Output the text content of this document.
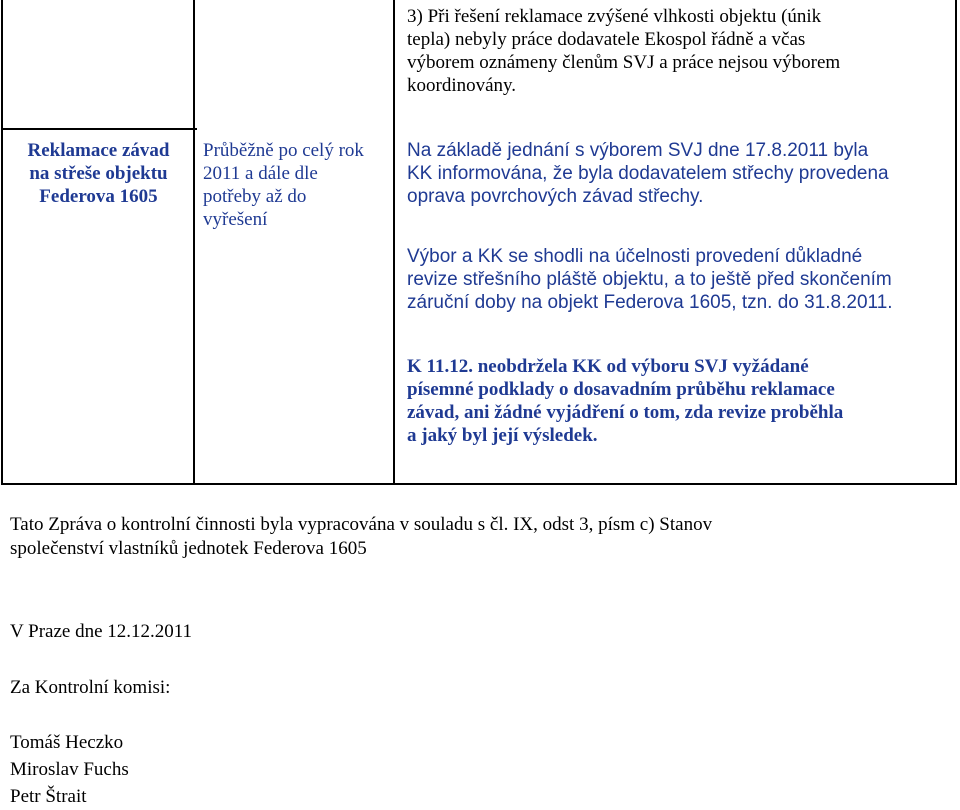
Reklamace závad
na střeše objektu
Federova 1605
Průběžně po celý rok
2011 a dále dle
potřeby až do
vyřešení
3) Při řešení reklamace zvýšené vlhkosti objektu (únik
tepla) nebyly práce dodavatele Ekospol řádně a včas
výborem oznámeny členům SVJ a práce nejsou výborem
koordinovány.
Na základě jednání s výborem SVJ dne 17.8.2011 byla
KK informována, že byla dodavatelem střechy provedena
oprava povrchových závad střechy.
Výbor a KK se shodli na účelnosti provedení důkladné
revize střešního pláště objektu, a to ještě před skončením
záruční doby na objekt Federova 1605, tzn. do 31.8.2011.
K 11.12. neobdržela KK od výboru SVJ vyžádané
písemné podklady o dosavadním průběhu reklamace
závad, ani žádné vyjádření o tom, zda revize proběhla
a jaký byl její výsledek.
Tato Zpráva o kontrolní činnosti byla vypracována v souladu s čl. IX, odst 3, písm c) Stanov
společenství vlastníků jednotek Federova 1605
V Praze dne 12.12.2011
Za Kontrolní komisi:
Tomáš Heczko
Miroslav Fuchs
Petr Štrait
